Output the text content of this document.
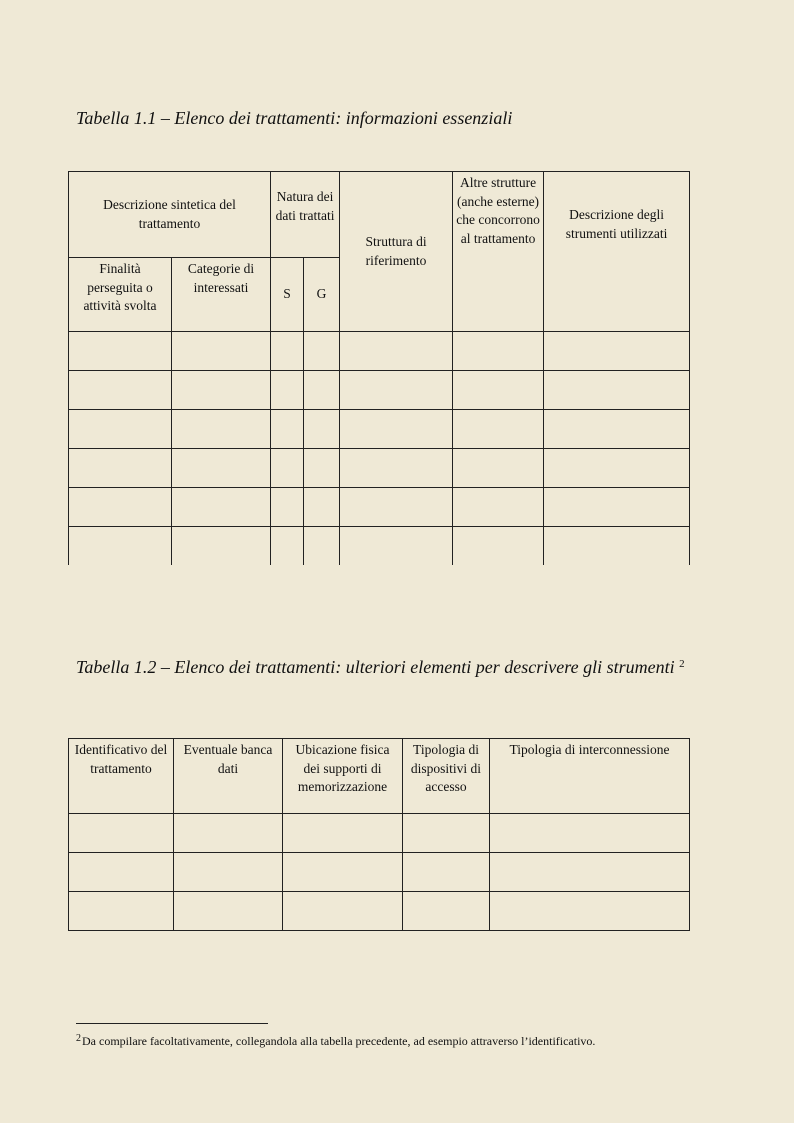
Tabella 1.1 – Elenco dei trattamenti: informazioni essenziali

Descrizione sintetica del trattamento		Natura dei dati trattati		Struttura di riferimento	Altre strutture (anche esterne) che concorrono al trattamento	Descrizione degli strumenti utilizzati
Finalità perseguita o attività svolta	Categorie di interessati	S	G			

Tabella 1.2 – Elenco dei trattamenti: ulteriori elementi per descrivere gli strumenti $^2$

Identificativo del trattamento	Eventuale banca dati	Ubicazione fisica dei supporti di memorizzazione	Tipologia di dispositivi di accesso	Tipologia di interconnessione

$^2$Da compilare facoltativamente, collegandola alla tabella precedente, ad esempio attraverso l’identificativo.
